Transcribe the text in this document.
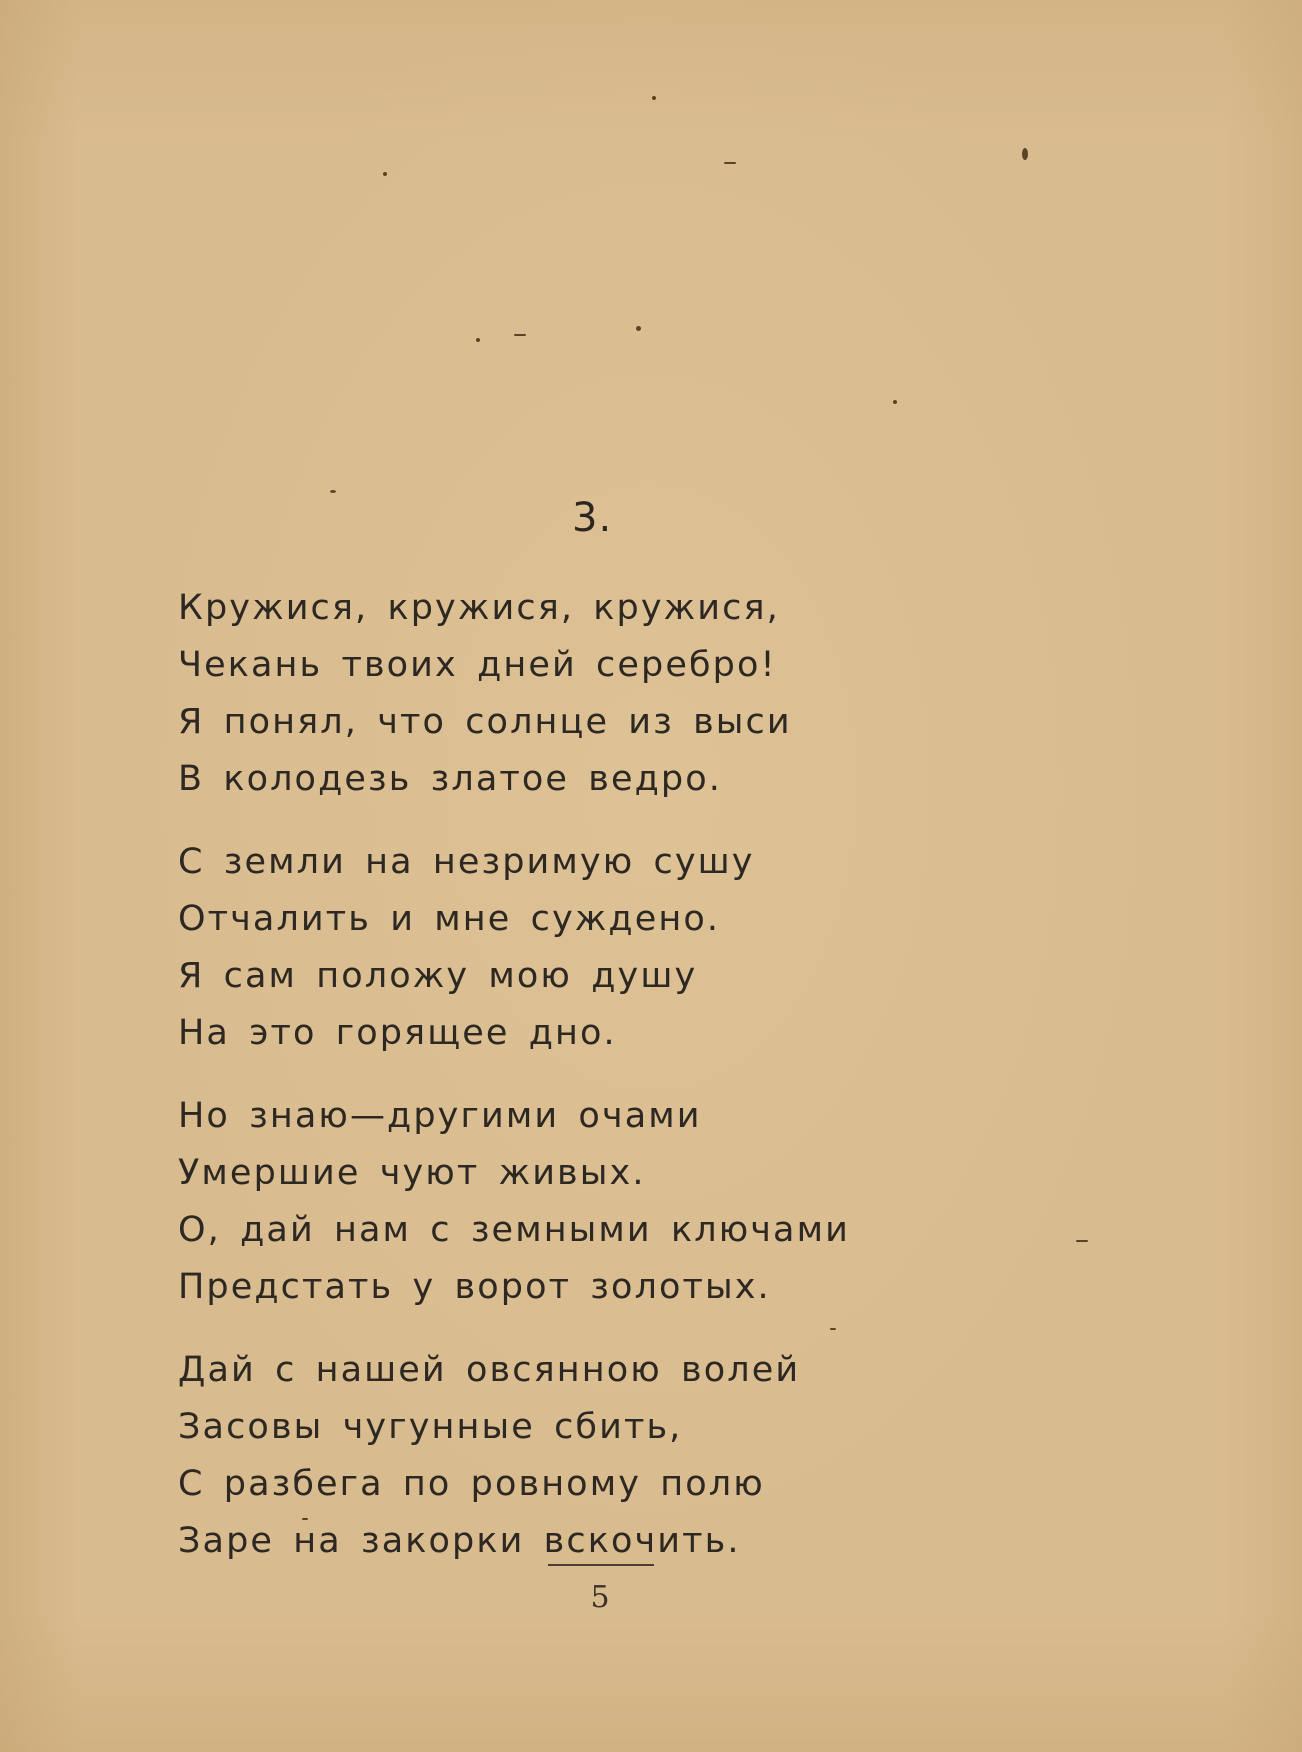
3.
Кружися, кружися, кружися,
Чекань твоих дней серебро!
Я понял, что солнце из выси
В колодезь златое ведро.
С земли на незримую сушу
Отчалить и мне суждено.
Я сам положу мою душу
На это горящее дно.
Но знаю—другими очами
Умершие чуют живых.
О, дай нам с земными ключами
Предстать у ворот золотых.
Дай с нашей овсянною волей
Засовы чугунные сбить,
С разбега по ровному полю
Заре на закорки вскочить.
5
